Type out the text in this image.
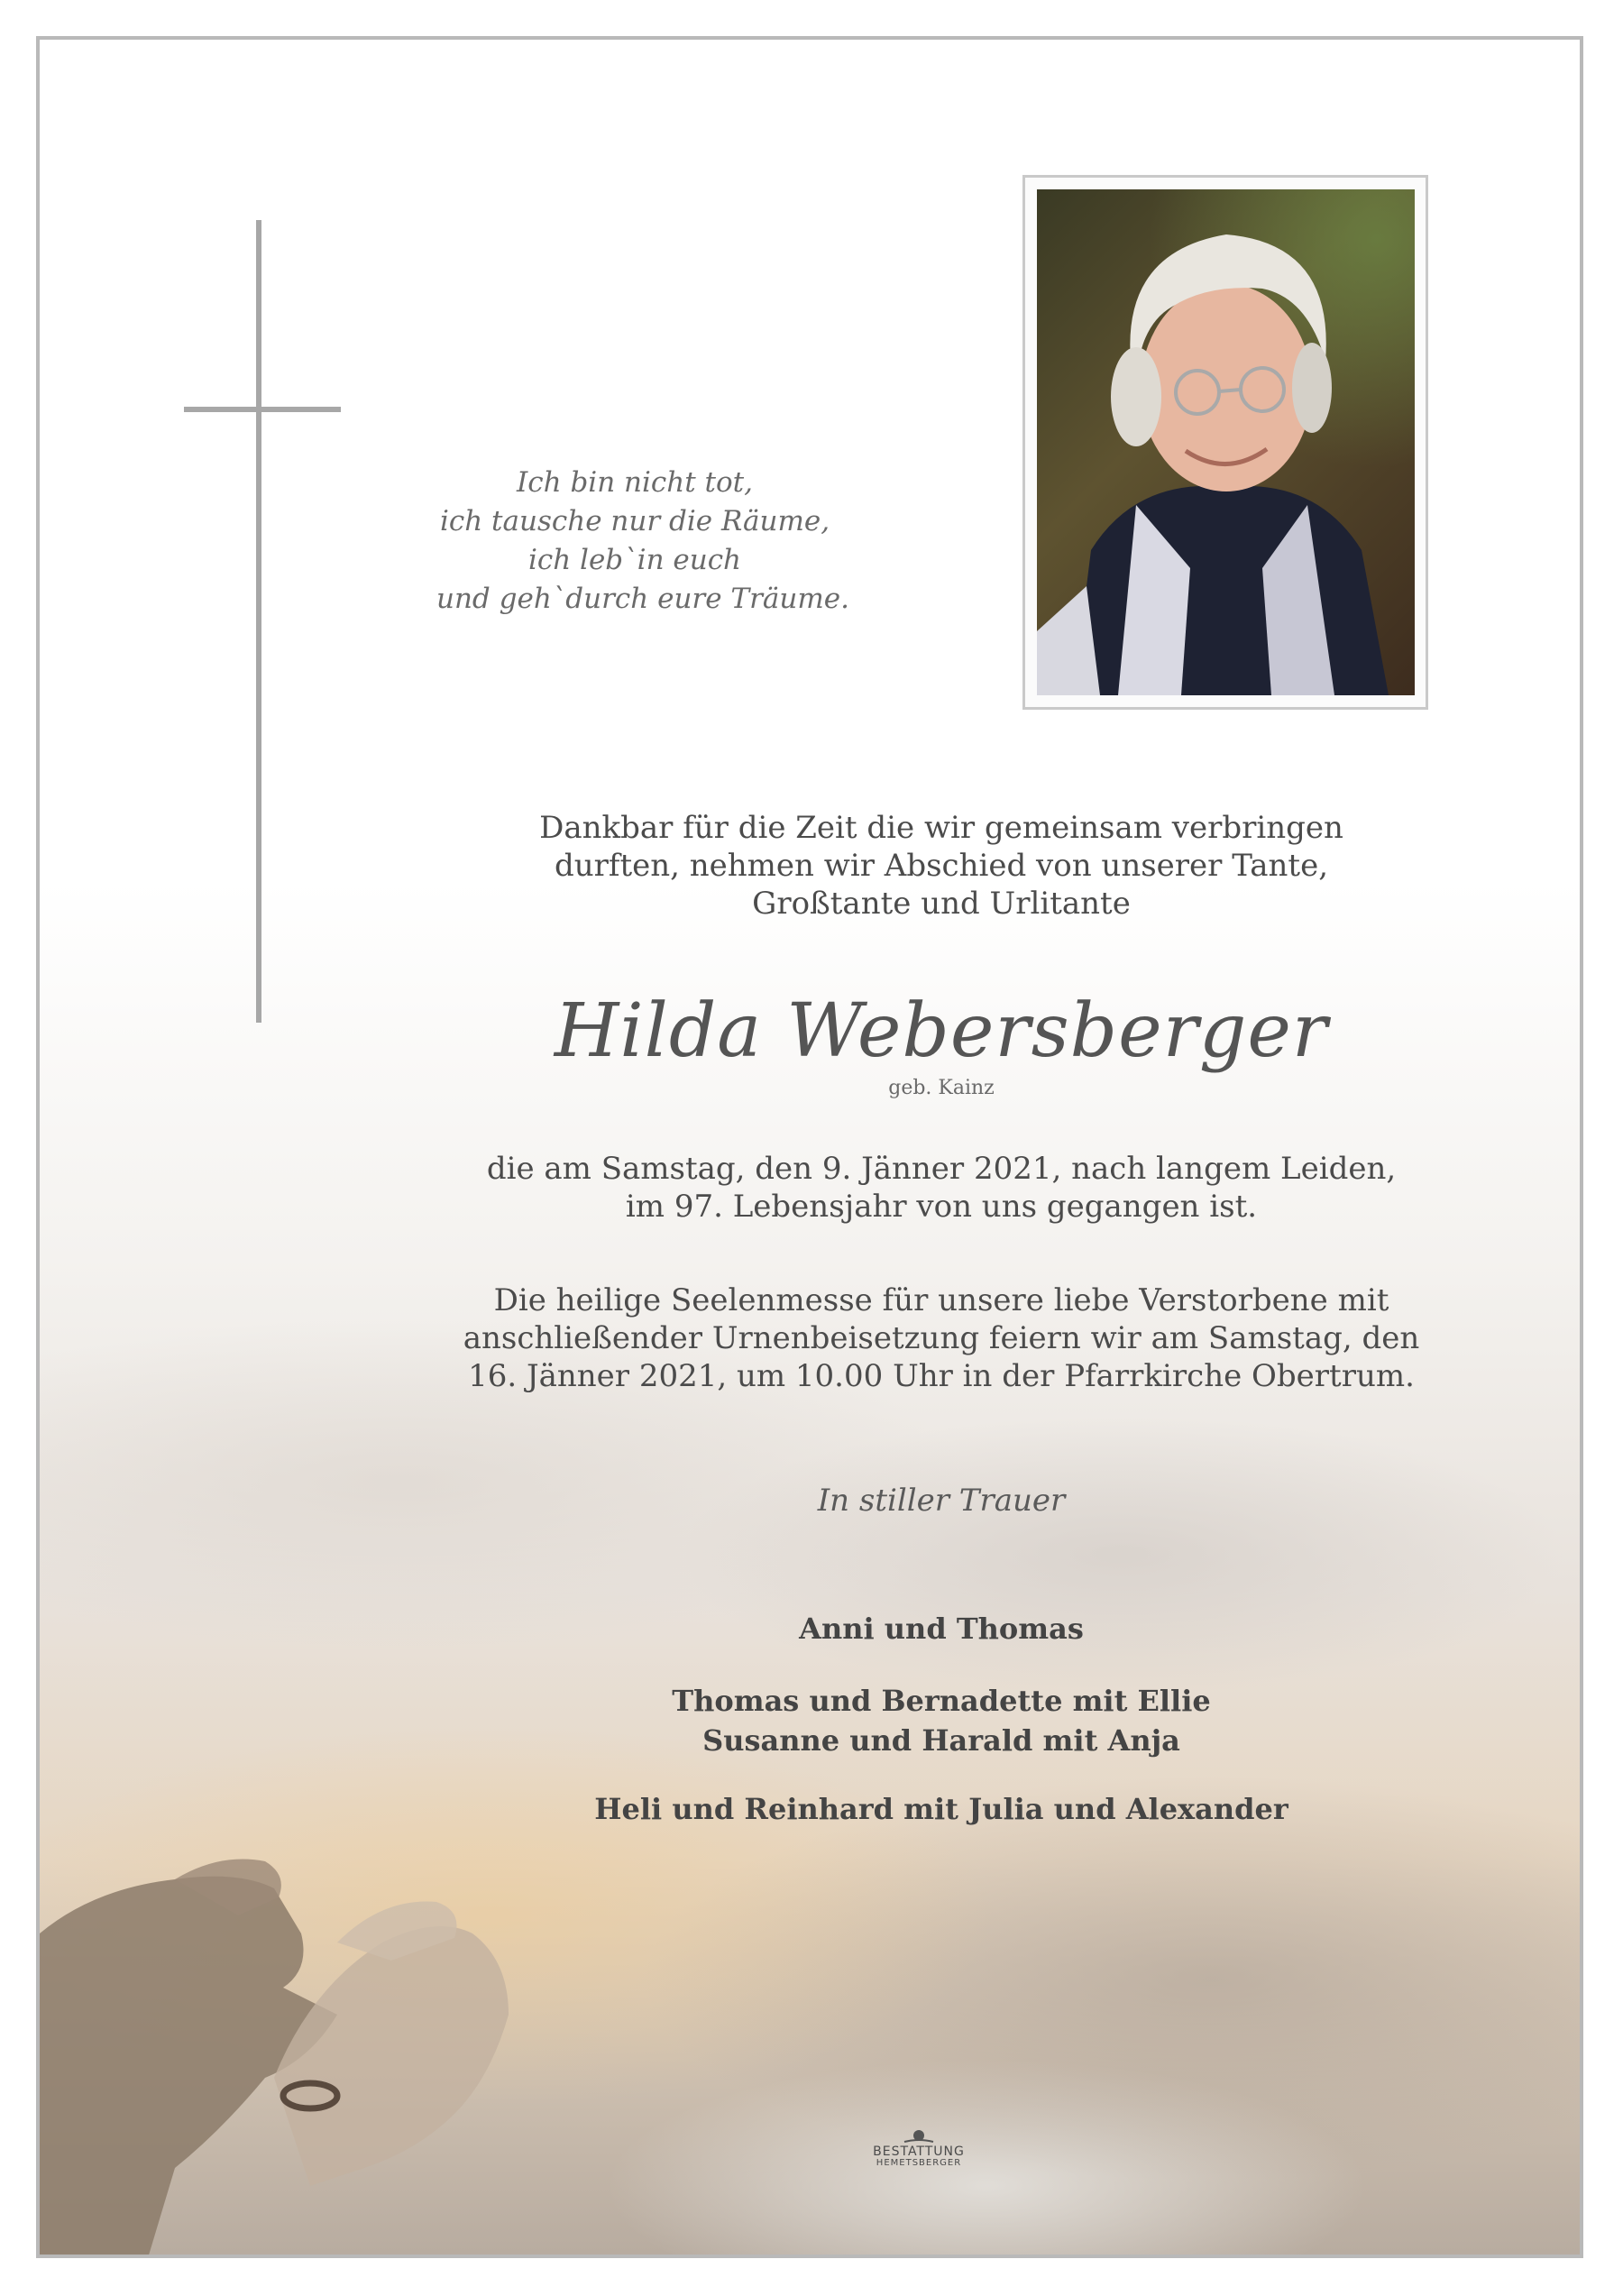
Ich bin nicht tot,
ich tausche nur die Räume,
ich leb`in euch
und geh`durch eure Träume.
Dankbar für die Zeit die wir gemeinsam verbringen
durften, nehmen wir Abschied von unserer Tante,
Großtante und Urlitante
Hilda Webersberger
geb. Kainz
die am Samstag, den 9. Jänner 2021, nach langem Leiden,
im 97. Lebensjahr von uns gegangen ist.
Die heilige Seelenmesse für unsere liebe Verstorbene mit
anschließender Urnenbeisetzung feiern wir am Samstag, den
16. Jänner 2021, um 10.00 Uhr in der Pfarrkirche Obertrum.
In stiller Trauer
Anni und Thomas
Thomas und Bernadette mit Ellie
Susanne und Harald mit Anja
Heli und Reinhard mit Julia und Alexander
BESTATTUNG
HEMETSBERGER
